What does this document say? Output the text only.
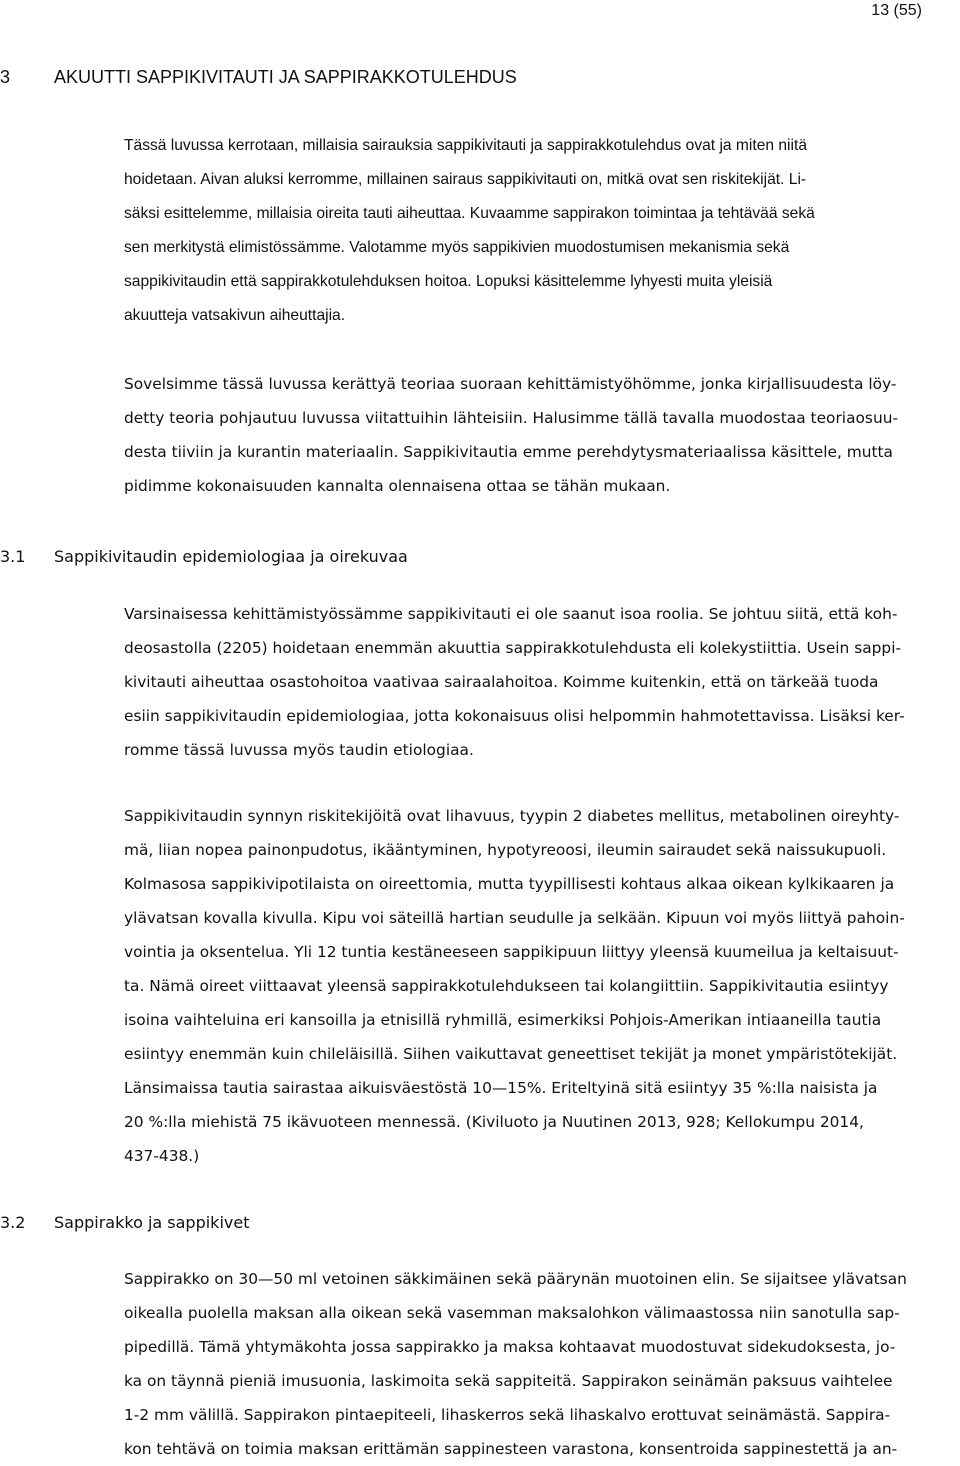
13 (55)
3 AKUUTTI SAPPIKIVITAUTI JA SAPPIRAKKOTULEHDUS
Tässä luvussa kerrotaan, millaisia sairauksia sappikivitauti ja sappirakkotulehdus ovat ja miten niitä
hoidetaan. Aivan aluksi kerromme, millainen sairaus sappikivitauti on, mitkä ovat sen riskitekijät. Li-
säksi esittelemme, millaisia oireita tauti aiheuttaa. Kuvaamme sappirakon toimintaa ja tehtävää sekä
sen merkitystä elimistössämme. Valotamme myös sappikivien muodostumisen mekanismia sekä
sappikivitaudin että sappirakkotulehduksen hoitoa. Lopuksi käsittelemme lyhyesti muita yleisiä
akuutteja vatsakivun aiheuttajia.
Sovelsimme tässä luvussa kerättyä teoriaa suoraan kehittämistyöhömme, jonka kirjallisuudesta löy-
detty teoria pohjautuu luvussa viitattuihin lähteisiin. Halusimme tällä tavalla muodostaa teoriaosuu-
desta tiiviin ja kurantin materiaalin. Sappikivitautia emme perehdytysmateriaalissa käsittele, mutta
pidimme kokonaisuuden kannalta olennaisena ottaa se tähän mukaan.
3.1 Sappikivitaudin epidemiologiaa ja oirekuvaa
Varsinaisessa kehittämistyössämme sappikivitauti ei ole saanut isoa roolia. Se johtuu siitä, että koh-
deosastolla (2205) hoidetaan enemmän akuuttia sappirakkotulehdusta eli kolekystiittia. Usein sappi-
kivitauti aiheuttaa osastohoitoa vaativaa sairaalahoitoa. Koimme kuitenkin, että on tärkeää tuoda
esiin sappikivitaudin epidemiologiaa, jotta kokonaisuus olisi helpommin hahmotettavissa. Lisäksi ker-
romme tässä luvussa myös taudin etiologiaa.
Sappikivitaudin synnyn riskitekijöitä ovat lihavuus, tyypin 2 diabetes mellitus, metabolinen oireyhty-
mä, liian nopea painonpudotus, ikääntyminen, hypotyreoosi, ileumin sairaudet sekä naissukupuoli.
Kolmasosa sappikivipotilaista on oireettomia, mutta tyypillisesti kohtaus alkaa oikean kylkikaaren ja
ylävatsan kovalla kivulla. Kipu voi säteillä hartian seudulle ja selkään. Kipuun voi myös liittyä pahoin-
vointia ja oksentelua. Yli 12 tuntia kestäneeseen sappikipuun liittyy yleensä kuumeilua ja keltaisuut-
ta. Nämä oireet viittaavat yleensä sappirakkotulehdukseen tai kolangiittiin. Sappikivitautia esiintyy
isoina vaihteluina eri kansoilla ja etnisillä ryhmillä, esimerkiksi Pohjois-Amerikan intiaaneilla tautia
esiintyy enemmän kuin chileläisillä. Siihen vaikuttavat geneettiset tekijät ja monet ympäristötekijät.
Länsimaissa tautia sairastaa aikuisväestöstä 10—15%. Eriteltyinä sitä esiintyy 35 %:lla naisista ja
20 %:lla miehistä 75 ikävuoteen mennessä. (Kiviluoto ja Nuutinen 2013, 928; Kellokumpu 2014,
437-438.)
3.2 Sappirakko ja sappikivet
Sappirakko on 30—50 ml vetoinen säkkimäinen sekä päärynän muotoinen elin. Se sijaitsee ylävatsan
oikealla puolella maksan alla oikean sekä vasemman maksalohkon välimaastossa niin sanotulla sap-
pipedillä. Tämä yhtymäkohta jossa sappirakko ja maksa kohtaavat muodostuvat sidekudoksesta, jo-
ka on täynnä pieniä imusuonia, laskimoita sekä sappiteitä. Sappirakon seinämän paksuus vaihtelee
1-2 mm välillä. Sappirakon pintaepiteeli, lihaskerros sekä lihaskalvo erottuvat seinämästä. Sappira-
kon tehtävä on toimia maksan erittämän sappinesteen varastona, konsentroida sappinestettä ja an-
